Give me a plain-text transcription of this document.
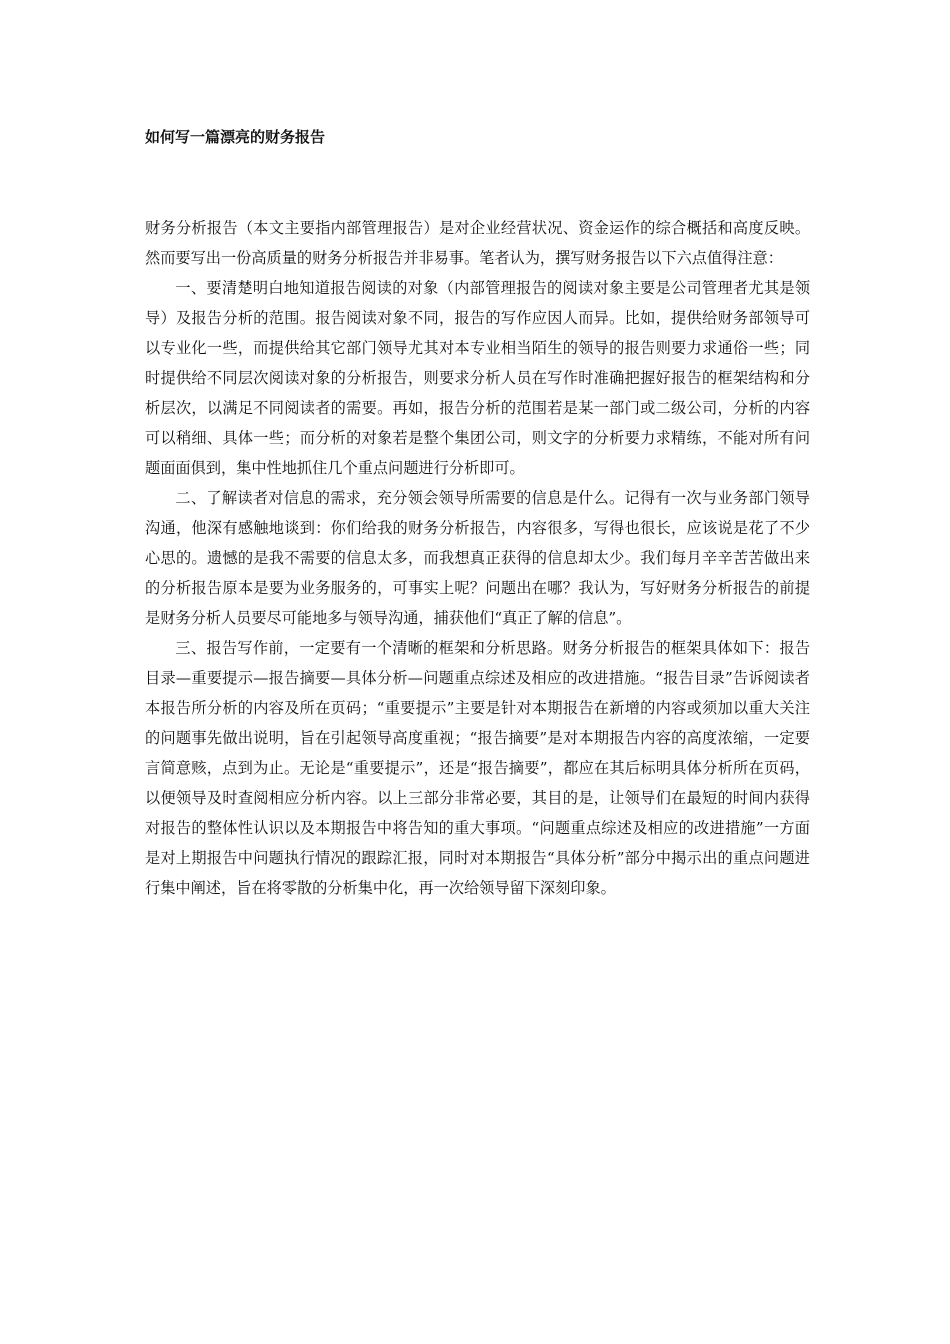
如何写一篇漂亮的财务报告

财务分析报告（本文主要指内部管理报告）是对企业经营状况、资金运作的综合概括和高度反映。然而要写出一份高质量的财务分析报告并非易事。笔者认为，撰写财务报告以下六点值得注意：

一、要清楚明白地知道报告阅读的对象（内部管理报告的阅读对象主要是公司管理者尤其是领导）及报告分析的范围。报告阅读对象不同，报告的写作应因人而异。比如，提供给财务部领导可以专业化一些，而提供给其它部门领导尤其对本专业相当陌生的领导的报告则要力求通俗一些；同时提供给不同层次阅读对象的分析报告，则要求分析人员在写作时准确把握好报告的框架结构和分析层次，以满足不同阅读者的需要。再如，报告分析的范围若是某一部门或二级公司，分析的内容可以稍细、具体一些；而分析的对象若是整个集团公司，则文字的分析要力求精练，不能对所有问题面面俱到，集中性地抓住几个重点问题进行分析即可。

二、了解读者对信息的需求，充分领会领导所需要的信息是什么。记得有一次与业务部门领导沟通，他深有感触地谈到：你们给我的财务分析报告，内容很多，写得也很长，应该说是花了不少心思的。遗憾的是我不需要的信息太多，而我想真正获得的信息却太少。我们每月辛辛苦苦做出来的分析报告原本是要为业务服务的，可事实上呢？问题出在哪？我认为，写好财务分析报告的前提是财务分析人员要尽可能地多与领导沟通，捕获他们“真正了解的信息”。

三、报告写作前，一定要有一个清晰的框架和分析思路。财务分析报告的框架具体如下：报告目录—重要提示—报告摘要—具体分析—问题重点综述及相应的改进措施。“报告目录”告诉阅读者本报告所分析的内容及所在页码；“重要提示”主要是针对本期报告在新增的内容或须加以重大关注的问题事先做出说明，旨在引起领导高度重视；“报告摘要”是对本期报告内容的高度浓缩，一定要言简意赅，点到为止。无论是“重要提示”，还是“报告摘要”，都应在其后标明具体分析所在页码，以便领导及时查阅相应分析内容。以上三部分非常必要，其目的是，让领导们在最短的时间内获得对报告的整体性认识以及本期报告中将告知的重大事项。“问题重点综述及相应的改进措施”一方面是对上期报告中问题执行情况的跟踪汇报，同时对本期报告“具体分析”部分中揭示出的重点问题进行集中阐述，旨在将零散的分析集中化，再一次给领导留下深刻印象。
